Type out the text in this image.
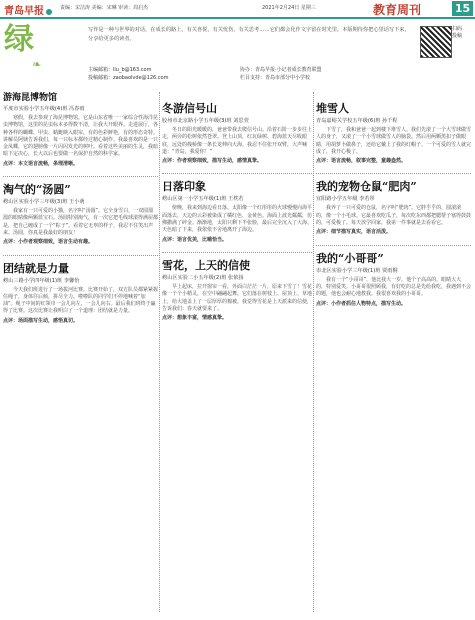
青岛早报	责编：宋洁涛 美编：宋琳 审读：周启杰	2021年2月24日 星期三	教育周刊	15
绿
❧
写作是一种与世界的对话，在成长的路上，有关喜悦，有关忧伤，有关思考……它们都会化作文字留在时光里。本版期待你把心里话写下来，分享给更多的读者。
主编邮箱：liu_b@163.com
投稿邮箱：zaobaolvde@126.com
协办：青岛早报·小记者成长教育联盟
栏目支持：青岛市部分中小学校
扫码投稿
游海昆博物馆
平度市实验小学五年级(4)班 冯春雨
寒假，我去参观了海昆博物馆。它是山东省唯一一家综合性海洋昆虫博物馆，这里的昆虫标本多得数不清，让我大开眼界。走进展厅，各种各样的蝴蝶、甲虫、蜻蜓映入眼帘，有的色彩鲜艳，有的形态奇特。讲解员阿姨告诉我们，每一只标本都经过精心制作。我最喜欢的是一只金凤蝶，它的翅膀像一片闪闪发光的树叶。看着这些美丽的生灵，我暗暗下定决心，长大以后也要做一名保护自然的科学家。
点评：本文语言流畅，条理清晰。
淘气的“汤圆”
崂山区实验小学三年级(3)班 王小萌
我家有一只可爱的小猫，名字叫“汤圆”。它全身雪白，一双圆溜溜的眼睛像两颗蓝宝石。汤圆特别淘气，有一次它把毛线球滚得满屋都是，把自己缠成了一个“粽子”。看着它无辜的样子，我忍不住笑出声来。汤圆，你真是我最好的朋友！
点评：小作者观察细致，语言生动有趣。
团结就是力量
崂山三路小学四年级(1)班 李馨怡
今天我们班进行了一场拔河比赛。比赛开始了，双方队员都紧紧握住绳子，身体往后倾，拼尽全力。啦啦队的同学们不停地喊着“加油”。绳子中间的红领巾一会儿向左，一会儿向右。最后我们班终于赢得了比赛。这次比赛让我明白了一个道理：团结就是力量。
点评：场面描写生动，感悟真切。
冬游信号山
胶州市北京路小学五年级(3)班 刘思萱
冬日的阳光暖暖的，爸爸带我去爬信号山。沿着石阶一步步往上走，两旁的松树依然苍翠。登上山顶，红瓦绿树、碧海蓝天尽收眼底，远处的栈桥像一条长龙伸向大海。我忍不住张开双臂，大声喊道：“青岛，我爱你！”
点评：作者观察细致，描写生动，感情真挚。
日落印象
崂山区第一小学五年级(1)班 王枕若
傍晚，我来到海边看日落。太阳像一个红彤彤的火球慢慢向海平面落去，天边的云彩被染成了橘红色、金黄色。海面上波光粼粼，仿佛撒满了碎金。渐渐地，太阳只剩下半张脸，最后完全沉入了大海。天色暗了下来，我依依不舍地离开了海边。
点评：语言优美，比喻恰当。
雪花，上天的信使
崂山区实验二小五年级(2)班 张依扬
早上起床，拉开窗帘一看，外面白茫茫一片，原来下雪了！雪花像一个个小精灵，在空中翩翩起舞。它们落在树枝上、屋顶上、草地上，给大地盖上了一层厚厚的棉被。我觉得雪花是上天派来的信使，告诉我们：春天就要来了。
点评：想象丰富，情感真挚。
堆雪人
青岛嘉峪关学校五年级(6)班 孙千程
下雪了，我和爸爸一起到楼下堆雪人。我们先滚了一个大雪球做雪人的身子，又滚了一个小雪球做雪人的脑袋。然后用两颗黑扣子做眼睛，用胡萝卜做鼻子，还给它戴上了我的红帽子。一个可爱的雪人就完成了，我开心极了。
点评：语言流畅，叙事完整，童趣盎然。
我的宠物仓鼠“肥肉”
宜阳路小学五年级 李若彤
我养了一只可爱的仓鼠，名字叫“肥肉”。它胖乎乎的，圆滚滚的，像一个小毛球。它最喜欢吃瓜子，每次吃东西都把腮帮子塞得鼓鼓的，可爱极了。每天放学回家，我第一件事就是去看看它。
点评：细节描写真实，语言活泼。
我的“小哥哥”
市北区实验小学三年级(1)班 贾雨桐
我有一个“小哥哥”，他比我大一岁。他个子高高的，眼睛大大的，特别爱笑。小哥哥很照顾我，有好吃的总是先给我吃，我遇到不会的题，他也会耐心地教我。我很喜欢我的小哥哥。
点评：小作者抓住人物特点，描写生动。
